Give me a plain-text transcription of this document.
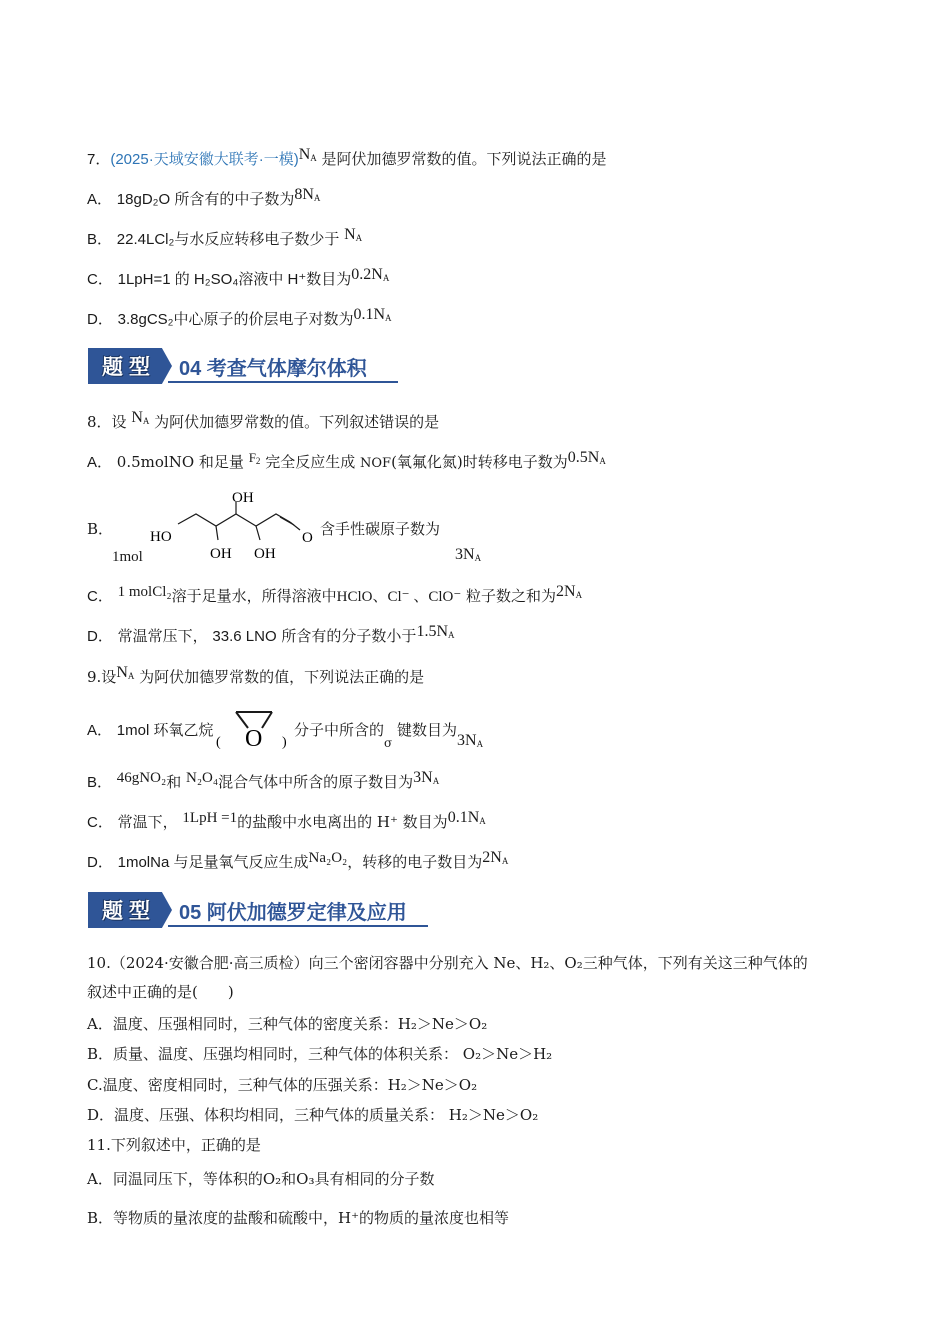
7．(2025·天域安徽大联考·一模)$N_A$ 是阿伏加德罗常数的值。下列说法正确的是
A． 18gD₂O 所含有的中子数为$8N_A$
B． 22.4LCl₂与水反应转移电子数少于 $N_A$
C． 1LpH=1 的 H₂SO₄溶液中 H⁺数目为$0.2N_A$
D． 3.8gCS₂中心原子的价层电子对数为$0.1N_A$
题型	04 考查气体摩尔体积
8．设 $N_A$ 为阿伏加德罗常数的值。下列叙述错误的是
A． 0.5molNO 和足量 $F_2$ 完全反应生成 NOF(氧氟化氮)时转移电子数为$0.5N_A$
B．
1mol
HO
OH
OH OH
O 含手性碳原子数为
$3N_A$
C． 1 molCl₂溶于足量水，所得溶液中HClO、Cl⁻ 、ClO⁻ 粒子数之和为$2N_A$
D． 常温常压下， 33.6 LNO 所含有的分子数小于$1.5N_A$
9.设$N_A$ 为阿伏加德罗常数的值，下列说法正确的是
A． 1mol 环氧乙烷
( O )
分子中所含的$_\sigma$ 键数目为$3N_A$
B． 46gNO₂和 N₂O₄混合气体中所含的原子数目为$3N_A$
C． 常温下， 1LpH =1的盐酸中水电离出的 H⁺ 数目为$0.1N_A$
D． 1molNa 与足量氧气反应生成Na₂O₂，转移的电子数目为$2N_A$
题型	05 阿伏加德罗定律及应用
10.（2024·安徽合肥·高三质检）向三个密闭容器中分别充入 Ne、H₂、O₂三种气体，下列有关这三种气体的
叙述中正确的是(　　)
A．温度、压强相同时，三种气体的密度关系：H₂＞Ne＞O₂
B．质量、温度、压强均相同时，三种气体的体积关系： O₂＞Ne＞H₂
C.温度、密度相同时，三种气体的压强关系：H₂＞Ne＞O₂
D．温度、压强、体积均相同，三种气体的质量关系： H₂＞Ne＞O₂
11.下列叙述中，正确的是
A．同温同压下，等体积的O₂和O₃具有相同的分子数
B．等物质的量浓度的盐酸和硫酸中，H⁺的物质的量浓度也相等
